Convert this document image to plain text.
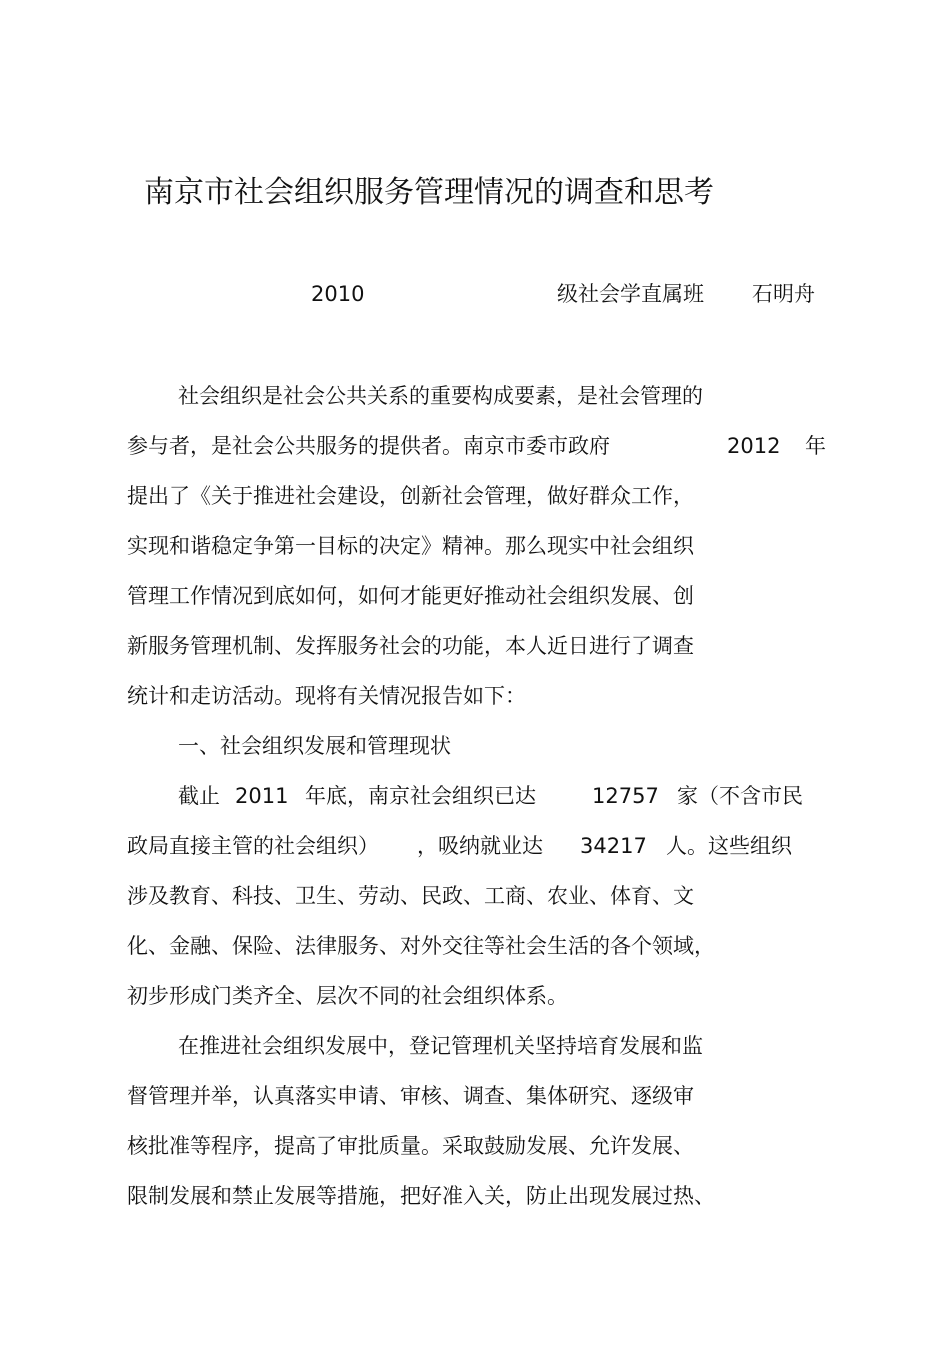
南京市社会组织服务管理情况的调查和思考
2010	级社会学直属班 石明舟
社会组织是社会公共关系的重要构成要素，是社会管理的
参与者，是社会公共服务的提供者。南京市委市政府	2012 年
提出了《关于推进社会建设，创新社会管理，做好群众工作，
实现和谐稳定争第一目标的决定》精神。那么现实中社会组织
管理工作情况到底如何，如何才能更好推动社会组织发展、创
新服务管理机制、发挥服务社会的功能，本人近日进行了调查
统计和走访活动。现将有关情况报告如下：
一、社会组织发展和管理现状
截止 2011 年底，南京社会组织已达	12757 家（不含市民
政局直接主管的社会组织） ，吸纳就业达 34217 人。这些组织
涉及教育、科技、卫生、劳动、民政、工商、农业、体育、文
化、金融、保险、法律服务、对外交往等社会生活的各个领域，
初步形成门类齐全、层次不同的社会组织体系。
在推进社会组织发展中，登记管理机关坚持培育发展和监
督管理并举，认真落实申请、审核、调查、集体研究、逐级审
核批准等程序，提高了审批质量。采取鼓励发展、允许发展、
限制发展和禁止发展等措施，把好准入关，防止出现发展过热、
